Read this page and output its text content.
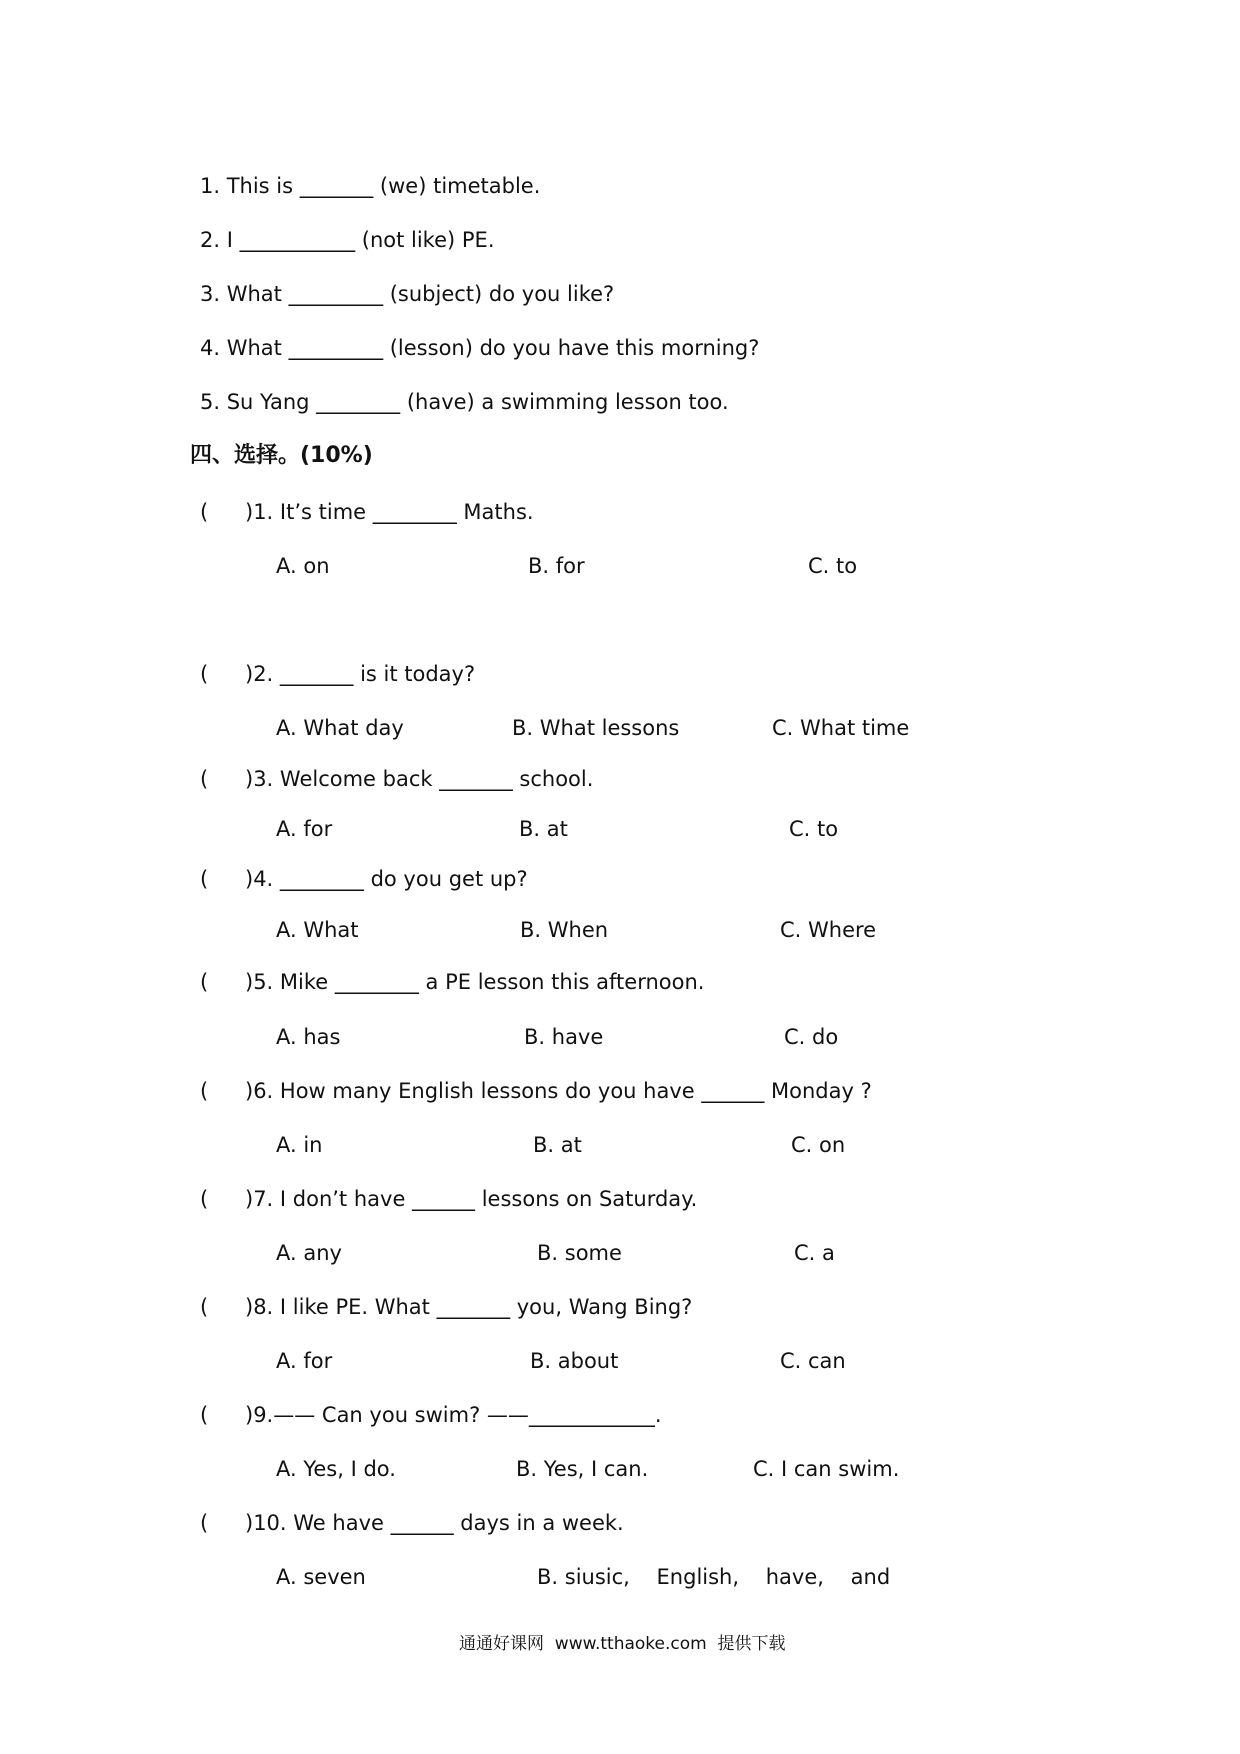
1. This is _______ (we) timetable.
2. I ___________ (not like) PE.
3. What _________ (subject) do you like?
4. What _________ (lesson) do you have this morning?
5. Su Yang ________ (have) a swimming lesson too.
四、选择。(10%)
( )1. It’s time ________ Maths.
A. on	B. for	C. to
( )2. _______ is it today?
A. What day	B. What lessons	C. What time
( )3. Welcome back _______ school.
A. for	B. at	C. to
( )4. ________ do you get up?
A. What	B. When	C. Where
( )5. Mike ________ a PE lesson this afternoon.
A. has	B. have	C. do
( )6. How many English lessons do you have ______ Monday ?
A. in	B. at	C. on
( )7. I don’t have ______ lessons on Saturday.
A. any	B. some	C. a
( )8. I like PE. What _______ you, Wang Bing?
A. for	B. about	C. can
( )9.—— Can you swim? ——____________.
A. Yes, I do.	B. Yes, I can.	C. I can swim.
( )10. We have ______ days in a week.
A. seven	B. siusic,    English,    have,    and
通通好课网  www.tthaoke.com  提供下载
